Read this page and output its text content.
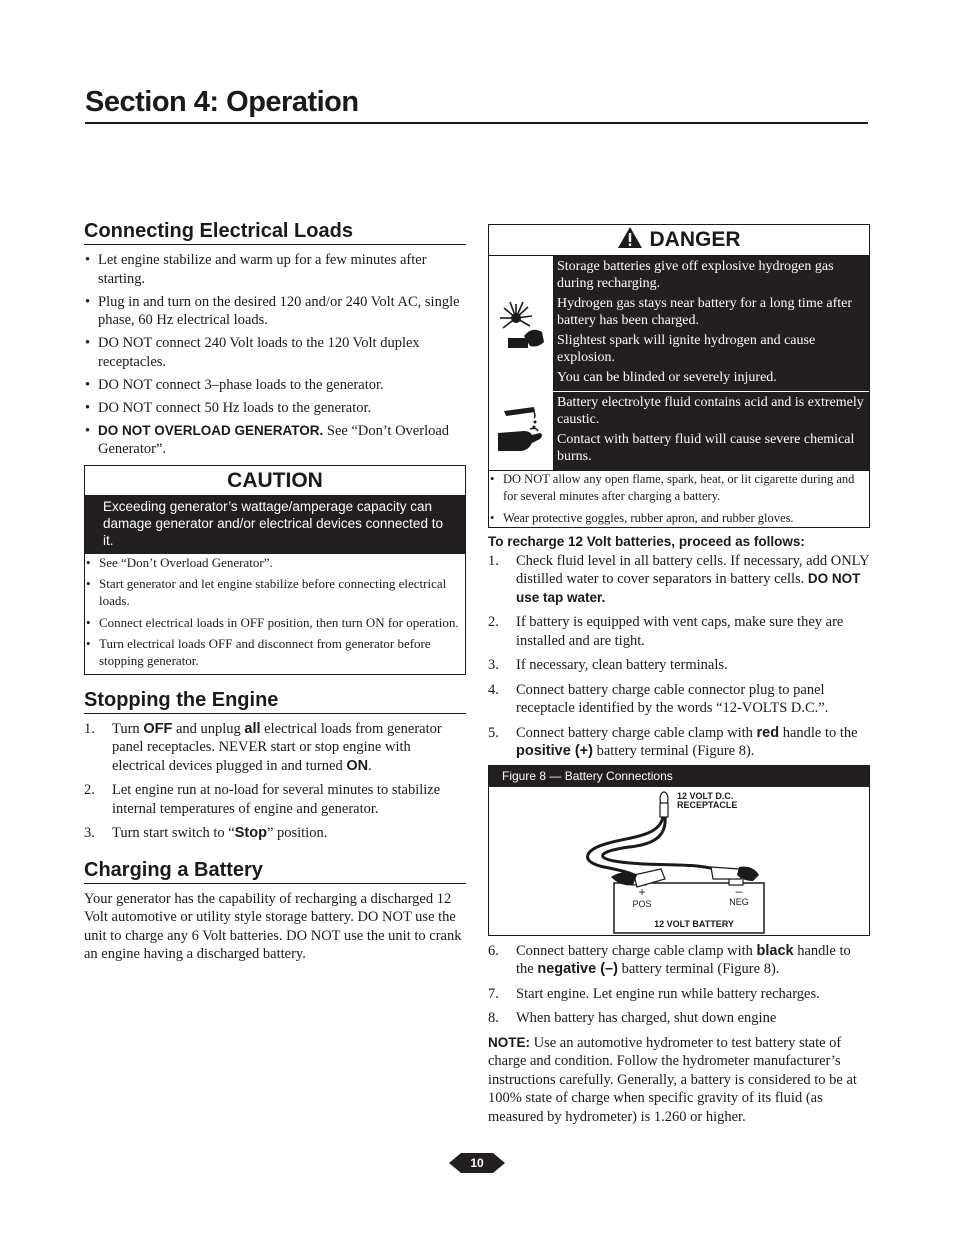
Section 4: Operation
Connecting Electrical Loads
• Let engine stabilize and warm up for a few minutes after starting.
• Plug in and turn on the desired 120 and/or 240 Volt AC, single phase, 60 Hz electrical loads.
• DO NOT connect 240 Volt loads to the 120 Volt duplex receptacles.
• DO NOT connect 3–phase loads to the generator.
• DO NOT connect 50 Hz loads to the generator.
• DO NOT OVERLOAD GENERATOR. See “Don’t Overload Generator”.
CAUTION
Exceeding generator’s wattage/amperage capacity can damage generator and/or electrical devices connected to it.
• See “Don’t Overload Generator”.
• Start generator and let engine stabilize before connecting electrical loads.
• Connect electrical loads in OFF position, then turn ON for operation.
• Turn electrical loads OFF and disconnect from generator before stopping generator.
Stopping the Engine
1. Turn OFF and unplug all electrical loads from generator panel receptacles. NEVER start or stop engine with electrical devices plugged in and turned ON.
2. Let engine run at no-load for several minutes to stabilize internal temperatures of engine and generator.
3. Turn start switch to “Stop” position.
Charging a Battery

Your generator has the capability of recharging a discharged 12 Volt automotive or utility style storage battery. DO NOT use the unit to charge any 6 Volt batteries. DO NOT use the unit to crank an engine having a discharged battery.

DANGER

Storage batteries give off explosive hydrogen gas during recharging.

Hydrogen gas stays near battery for a long time after battery has been charged.

Slightest spark will ignite hydrogen and cause explosion.

You can be blinded or severely injured.

Battery electrolyte fluid contains acid and is extremely caustic.

Contact with battery fluid will cause severe chemical burns.

• DO NOT allow any open flame, spark, heat, or lit cigarette during and for several minutes after charging a battery.
• Wear protective goggles, rubber apron, and rubber gloves.
To recharge 12 Volt batteries, proceed as follows:
1. Check fluid level in all battery cells. If necessary, add ONLY distilled water to cover separators in battery cells. DO NOT use tap water.
2. If battery is equipped with vent caps, make sure they are installed and are tight.
3. If necessary, clean battery terminals.
4. Connect battery charge cable connector plug to panel receptacle identified by the words “12-VOLTS D.C.”.
5. Connect battery charge cable clamp with red handle to the positive (+) battery terminal (Figure 8).
Figure 8 — Battery Connections
12 VOLT D.C.
RECEPTACLE
+
POS
–
NEG
12 VOLT BATTERY
6. Connect battery charge cable clamp with black handle to the negative (–) battery terminal (Figure 8).
7. Start engine. Let engine run while battery recharges.
8. When battery has charged, shut down engine

NOTE: Use an automotive hydrometer to test battery state of charge and condition. Follow the hydrometer manufacturer’s instructions carefully. Generally, a battery is considered to be at 100% state of charge when specific gravity of its fluid (as measured by hydrometer) is 1.260 or higher.

10
